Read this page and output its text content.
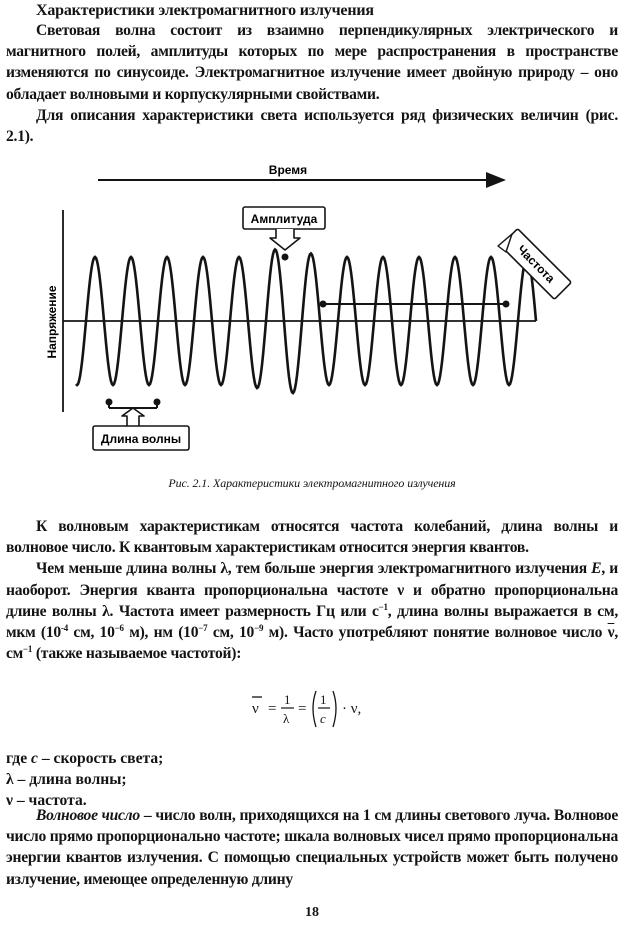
Характеристики электромагнитного излучения

Световая волна состоит из взаимно перпендикулярных электрического и магнитного полей, амплитуды которых по мере распространения в пространстве изменяются по синусоиде. Электромагнитное излучение имеет двойную природу – оно обладает волновыми и корпускулярными свойствами.

Для описания характеристики света используется ряд физических величин (рис. 2.1).

Время
Напряжение
Амплитуда
Частота
Длина волны
Рис. 2.1. Характеристики электромагнитного излучения

К волновым характеристикам относятся частота колебаний, длина волны и волновое число. К квантовым характеристикам относится энергия квантов.

Чем меньше длина волны λ, тем больше энергия электромагнитного излучения E, и наоборот. Энергия кванта пропорциональна частоте ν и обратно пропорциональна длине волны λ. Частота имеет размерность Гц или $с^{-1}$, длина волны выражается в см, мкм ($10^{-4}$ см, $10^{-6}$ м), нм ($10^{-7}$ см, $10^{-9}$ м). Часто употребляют понятие волновое число $\overline{\nu}$, $см^{-1}$ (также называемое частотой):

ν =
1
λ
=
1
c
· ν,
где c – скорость света;
λ – длина волны;
ν – частота.

Волновое число – число волн, приходящихся на 1 см длины светового луча. Волновое число прямо пропорционально частоте; шкала волновых чисел прямо пропорциональна энергии квантов излучения. С помощью специальных устройств может быть получено излучение, имеющее определенную длину

18
